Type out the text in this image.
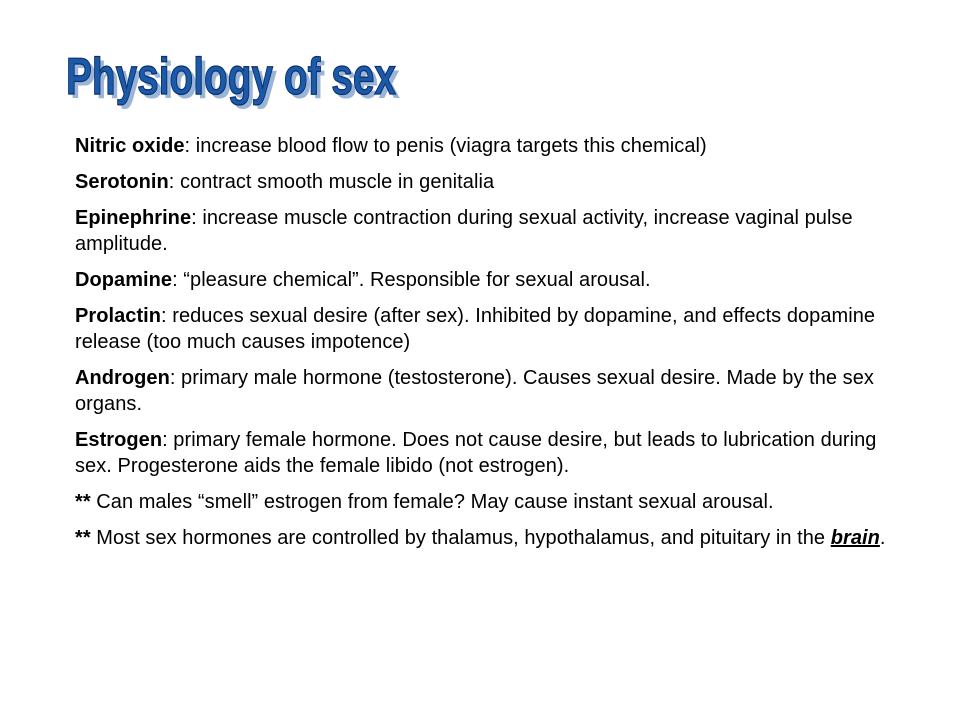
Physiology of sex
Physiology of sex
Nitric oxide: increase blood flow to penis (viagra targets this chemical)
Serotonin: contract smooth muscle in genitalia
Epinephrine: increase muscle contraction during sexual activity, increase vaginal pulse amplitude.
Dopamine: “pleasure chemical”. Responsible for sexual arousal.
Prolactin: reduces sexual desire (after sex). Inhibited by dopamine, and effects dopamine release (too much causes impotence)
Androgen: primary male hormone (testosterone). Causes sexual desire. Made by the sex organs.
Estrogen: primary female hormone. Does not cause desire, but leads to lubrication during sex. Progesterone aids the female libido (not estrogen).
** Can males “smell” estrogen from female? May cause instant sexual arousal.
** Most sex hormones are controlled by thalamus, hypothalamus, and pituitary in the brain.
